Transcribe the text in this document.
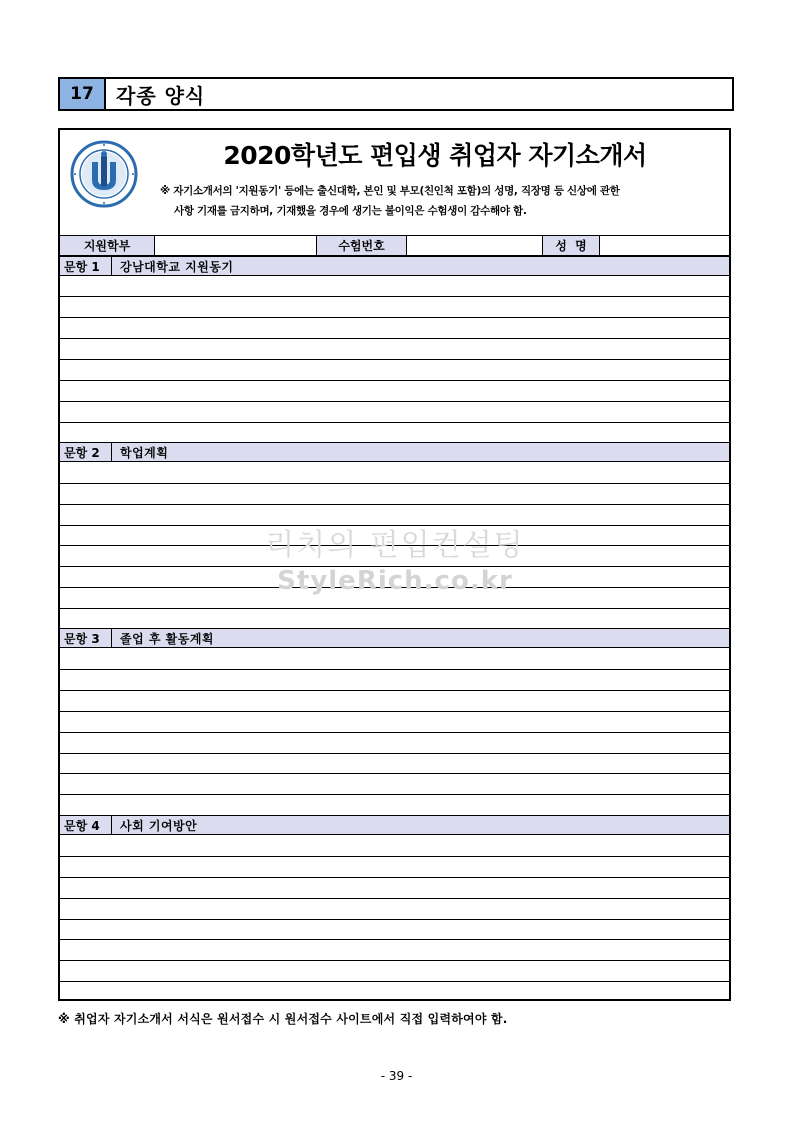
17	각종 양식
2020학년도 편입생 취업자 자기소개서
※ 자기소개서의 '지원동기' 등에는 출신대학, 본인 및 부모(친인척 포함)의 성명, 직장명 등 신상에 관한
사항 기재를 금지하며, 기재했을 경우에 생기는 불이익은 수험생이 감수해야 함.
지원학부	수험번호	성  명
문항 1	강남대학교 지원동기
문항 2	학업계획
문항 3	졸업 후 활동계획
문항 4	사회 기여방안
리치의 편입컨설팅
StyleRich.co.kr
※ 취업자 자기소개서 서식은 원서접수 시 원서접수 사이트에서 직접 입력하여야 함.
- 39 -
